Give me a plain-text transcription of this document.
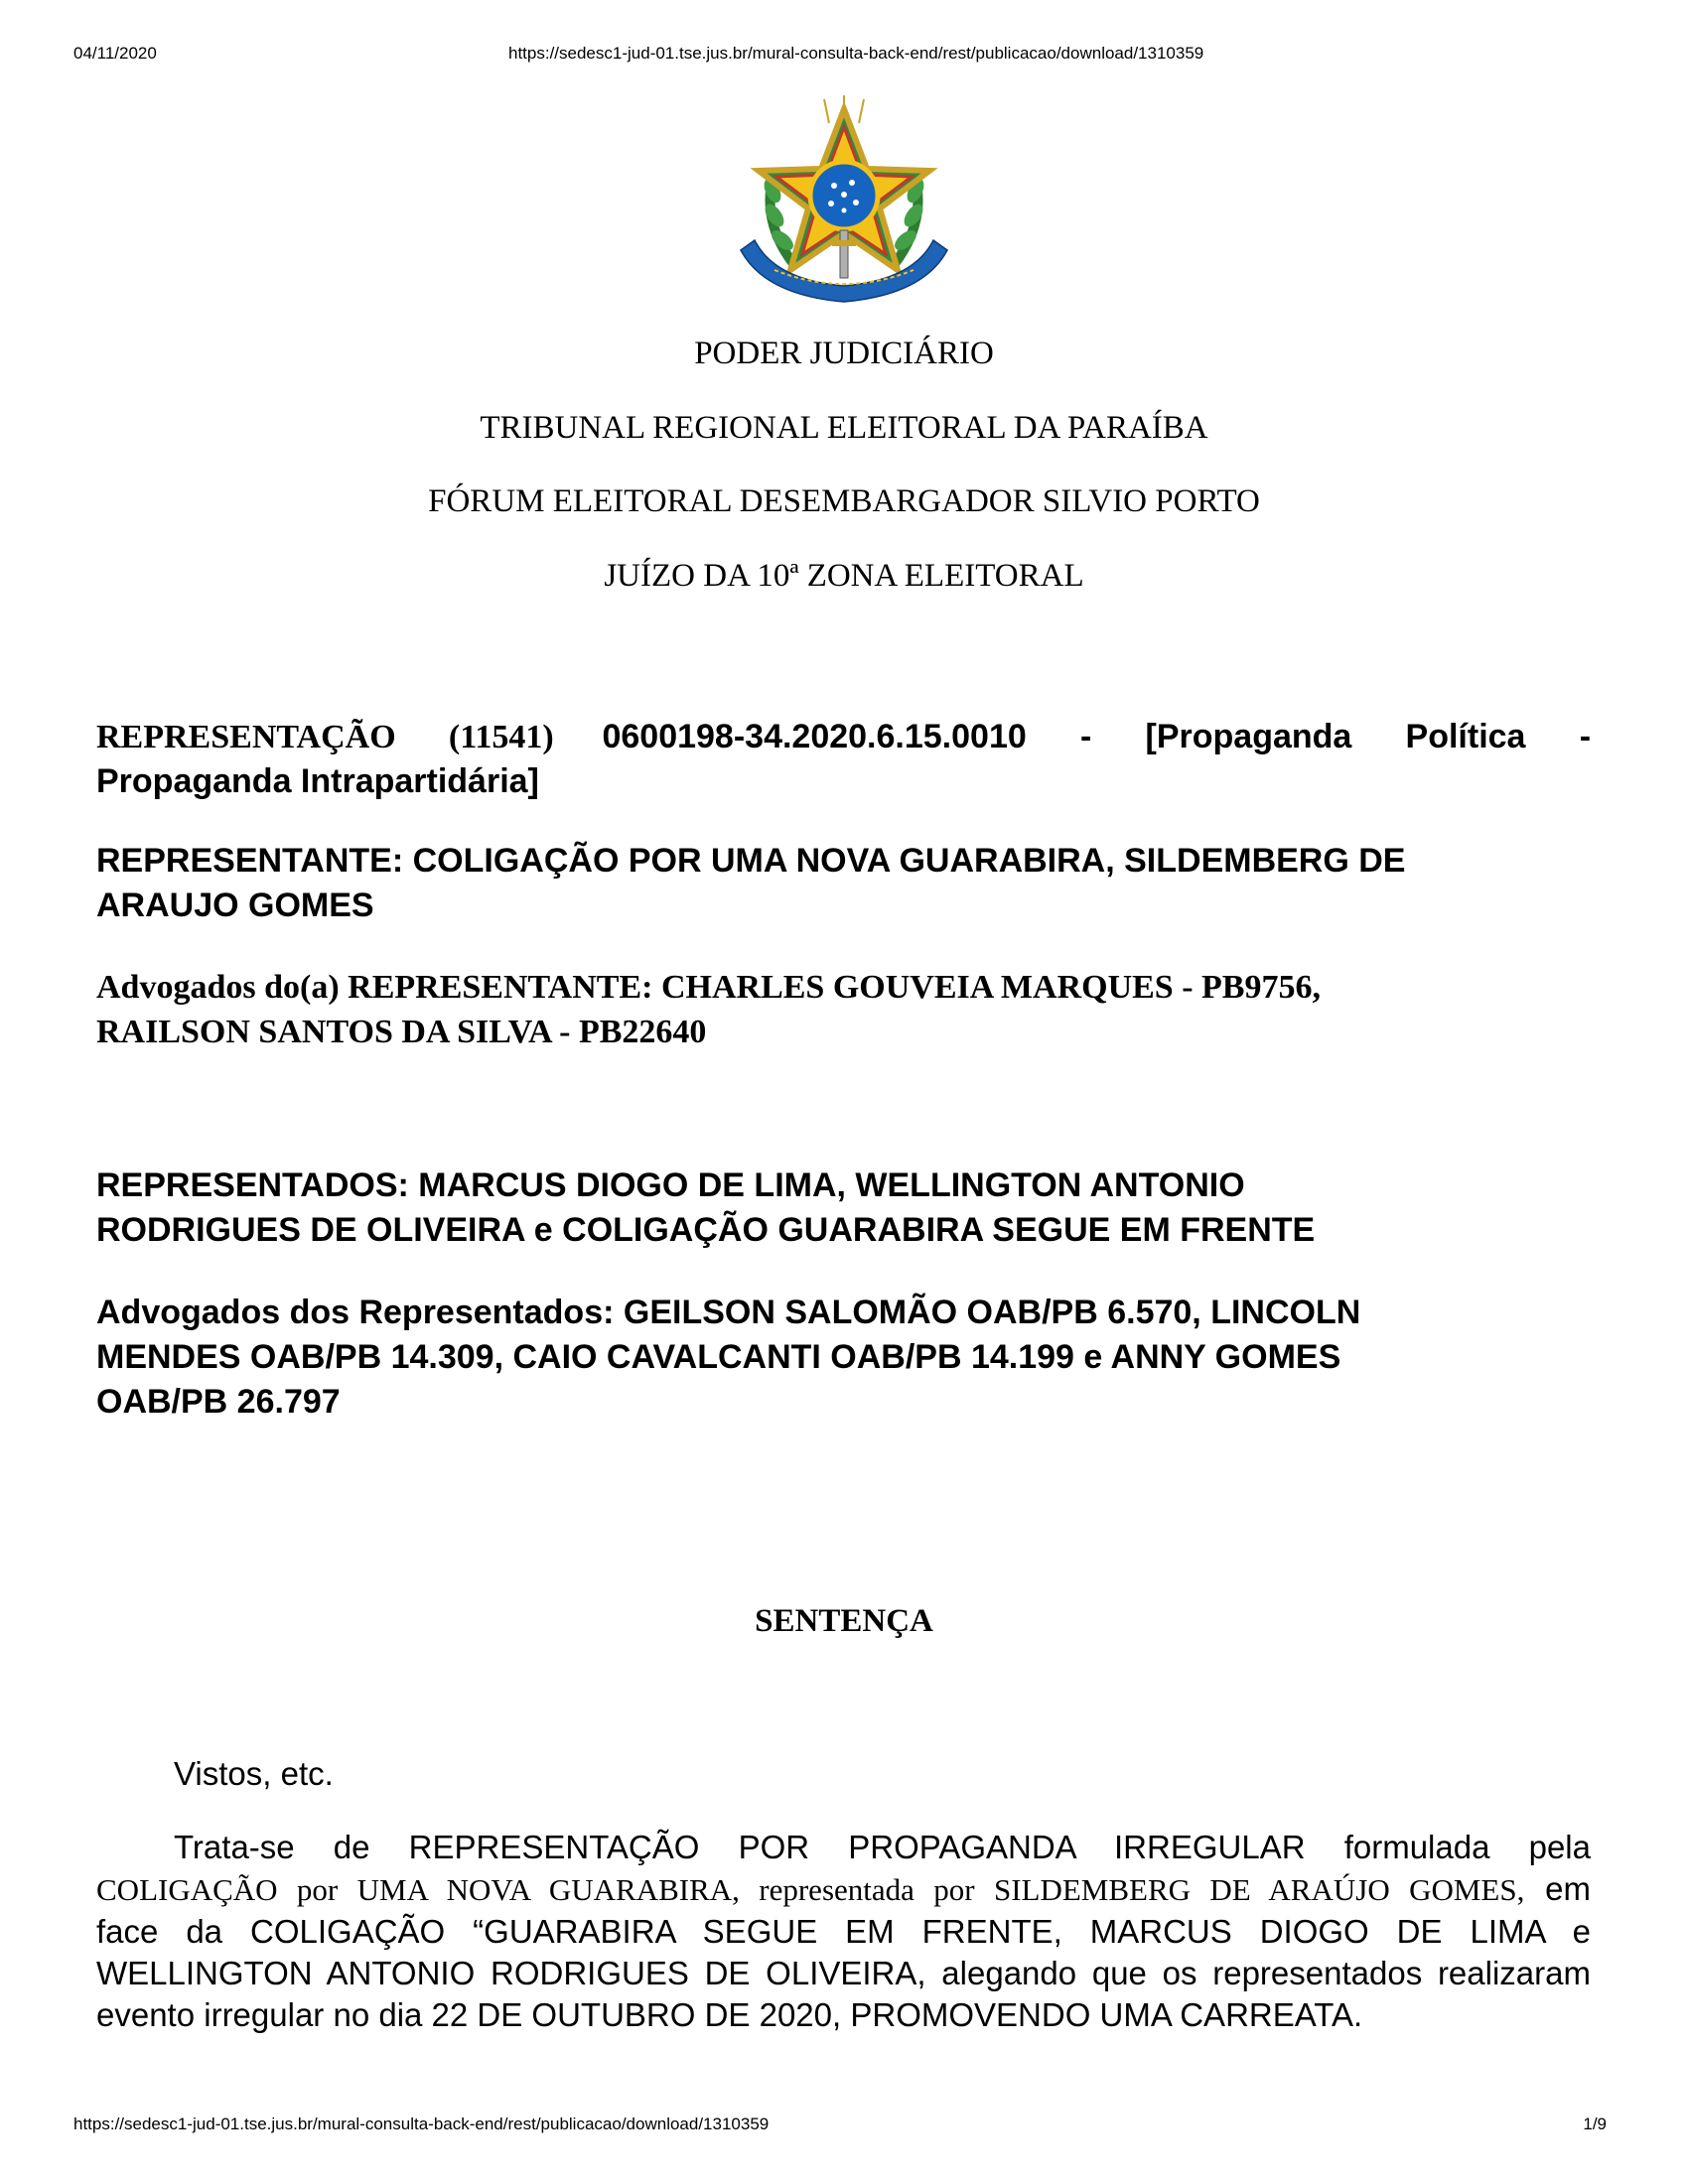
04/11/2020	https://sedesc1-jud-01.tse.jus.br/mural-consulta-back-end/rest/publicacao/download/1310359
PODER JUDICIÁRIO
TRIBUNAL REGIONAL ELEITORAL DA PARAÍBA
FÓRUM ELEITORAL DESEMBARGADOR SILVIO PORTO
JUÍZO DA 10ª ZONA ELEITORAL
REPRESENTAÇÃO (11541) 0600198-34.2020.6.15.0010 - [Propaganda Política -
Propaganda Intrapartidária]
REPRESENTANTE: COLIGAÇÃO POR UMA NOVA GUARABIRA, SILDEMBERG DE
ARAUJO GOMES
Advogados do(a) REPRESENTANTE: CHARLES GOUVEIA MARQUES - PB9756,
RAILSON SANTOS DA SILVA - PB22640
REPRESENTADOS: MARCUS DIOGO DE LIMA, WELLINGTON ANTONIO
RODRIGUES DE OLIVEIRA e COLIGAÇÃO GUARABIRA SEGUE EM FRENTE
Advogados dos Representados: GEILSON SALOMÃO OAB/PB 6.570, LINCOLN
MENDES OAB/PB 14.309, CAIO CAVALCANTI OAB/PB 14.199 e ANNY GOMES
OAB/PB 26.797
SENTENÇA
Vistos, etc.
Trata-se de REPRESENTAÇÃO POR PROPAGANDA IRREGULAR formulada pela
COLIGAÇÃO por UMA NOVA GUARABIRA, representada por SILDEMBERG DE ARAÚJO GOMES, em
face da COLIGAÇÃO “GUARABIRA SEGUE EM FRENTE, MARCUS DIOGO DE LIMA e
WELLINGTON ANTONIO RODRIGUES DE OLIVEIRA, alegando que os representados realizaram
evento irregular no dia 22 DE OUTUBRO DE 2020, PROMOVENDO UMA CARREATA.
https://sedesc1-jud-01.tse.jus.br/mural-consulta-back-end/rest/publicacao/download/1310359	1/9
